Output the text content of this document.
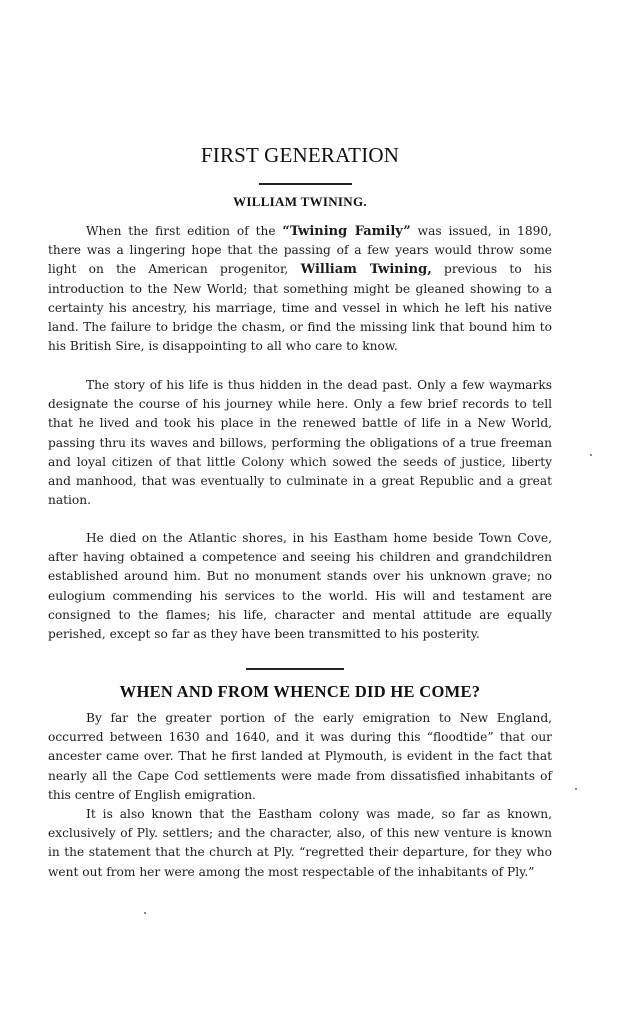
FIRST GENERATION
WILLIAM TWINING.

When the first edition of the “Twining Family” was issued, in 1890, there was a lingering hope that the passing of a few years would throw some light on the American progenitor, William Twining, previous to his introduction to the New World; that something might be gleaned showing to a certainty his ancestry, his marriage, time and vessel in which he left his native land. The failure to bridge the chasm, or find the missing link that bound him to his British Sire, is disappointing to all who care to know.

The story of his life is thus hidden in the dead past. Only a few waymarks designate the course of his journey while here. Only a few brief records to tell that he lived and took his place in the renewed battle of life in a New World, passing thru its waves and billows, performing the obligations of a true freeman and loyal citizen of that little Colony which sowed the seeds of justice, liberty and manhood, that was eventually to culminate in a great Republic and a great nation.

He died on the Atlantic shores, in his Eastham home beside Town Cove, after having obtained a competence and seeing his children and grandchildren established around him. But no monument stands over his unknown grave; no eulogium commending his services to the world. His will and testament are consigned to the flames; his life, character and mental attitude are equally perished, except so far as they have been transmitted to his posterity.

WHEN AND FROM WHENCE DID HE COME?

By far the greater portion of the early emigration to New England, occurred between 1630 and 1640, and it was during this “floodtide” that our ancester came over. That he first landed at Plymouth, is evident in the fact that nearly all the Cape Cod settlements were made from dissatisfied inhabitants of this centre of English emigration.

It is also known that the Eastham colony was made, so far as known, exclusively of Ply. settlers; and the character, also, of this new venture is known in the statement that the church at Ply. “regretted their departure, for they who went out from her were among the most respectable of the inhabitants of Ply.”
